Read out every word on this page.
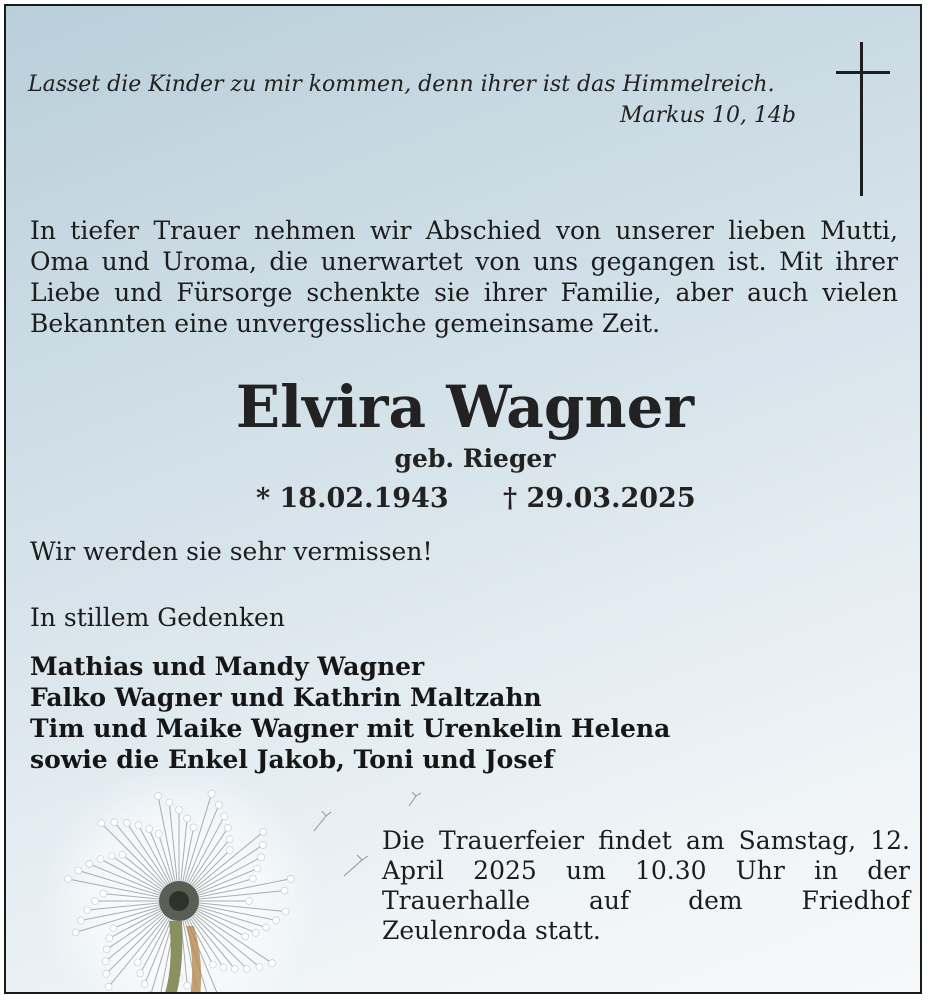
Lasset die Kinder zu mir kommen, denn ihrer ist das Himmelreich.
Markus 10, 14b
In tiefer Trauer nehmen wir Abschied von unserer lieben Mutti, Oma und Uroma, die unerwartet von uns gegangen ist. Mit ihrer Liebe und Fürsorge schenkte sie ihrer Familie, aber auch vielen Bekannten eine unvergessliche gemeinsame Zeit.
Elvira Wagner
geb. Rieger
* 18.02.1943 † 29.03.2025
Wir werden sie sehr vermissen!
In stillem Gedenken
Mathias und Mandy Wagner
Falko Wagner und Kathrin Maltzahn
Tim und Maike Wagner mit Urenkelin Helena
sowie die Enkel Jakob, Toni und Josef
Die Trauerfeier findet am Samstag, 12. April 2025 um 10.30 Uhr in der Trauerhalle auf dem Friedhof Zeulenroda statt.
